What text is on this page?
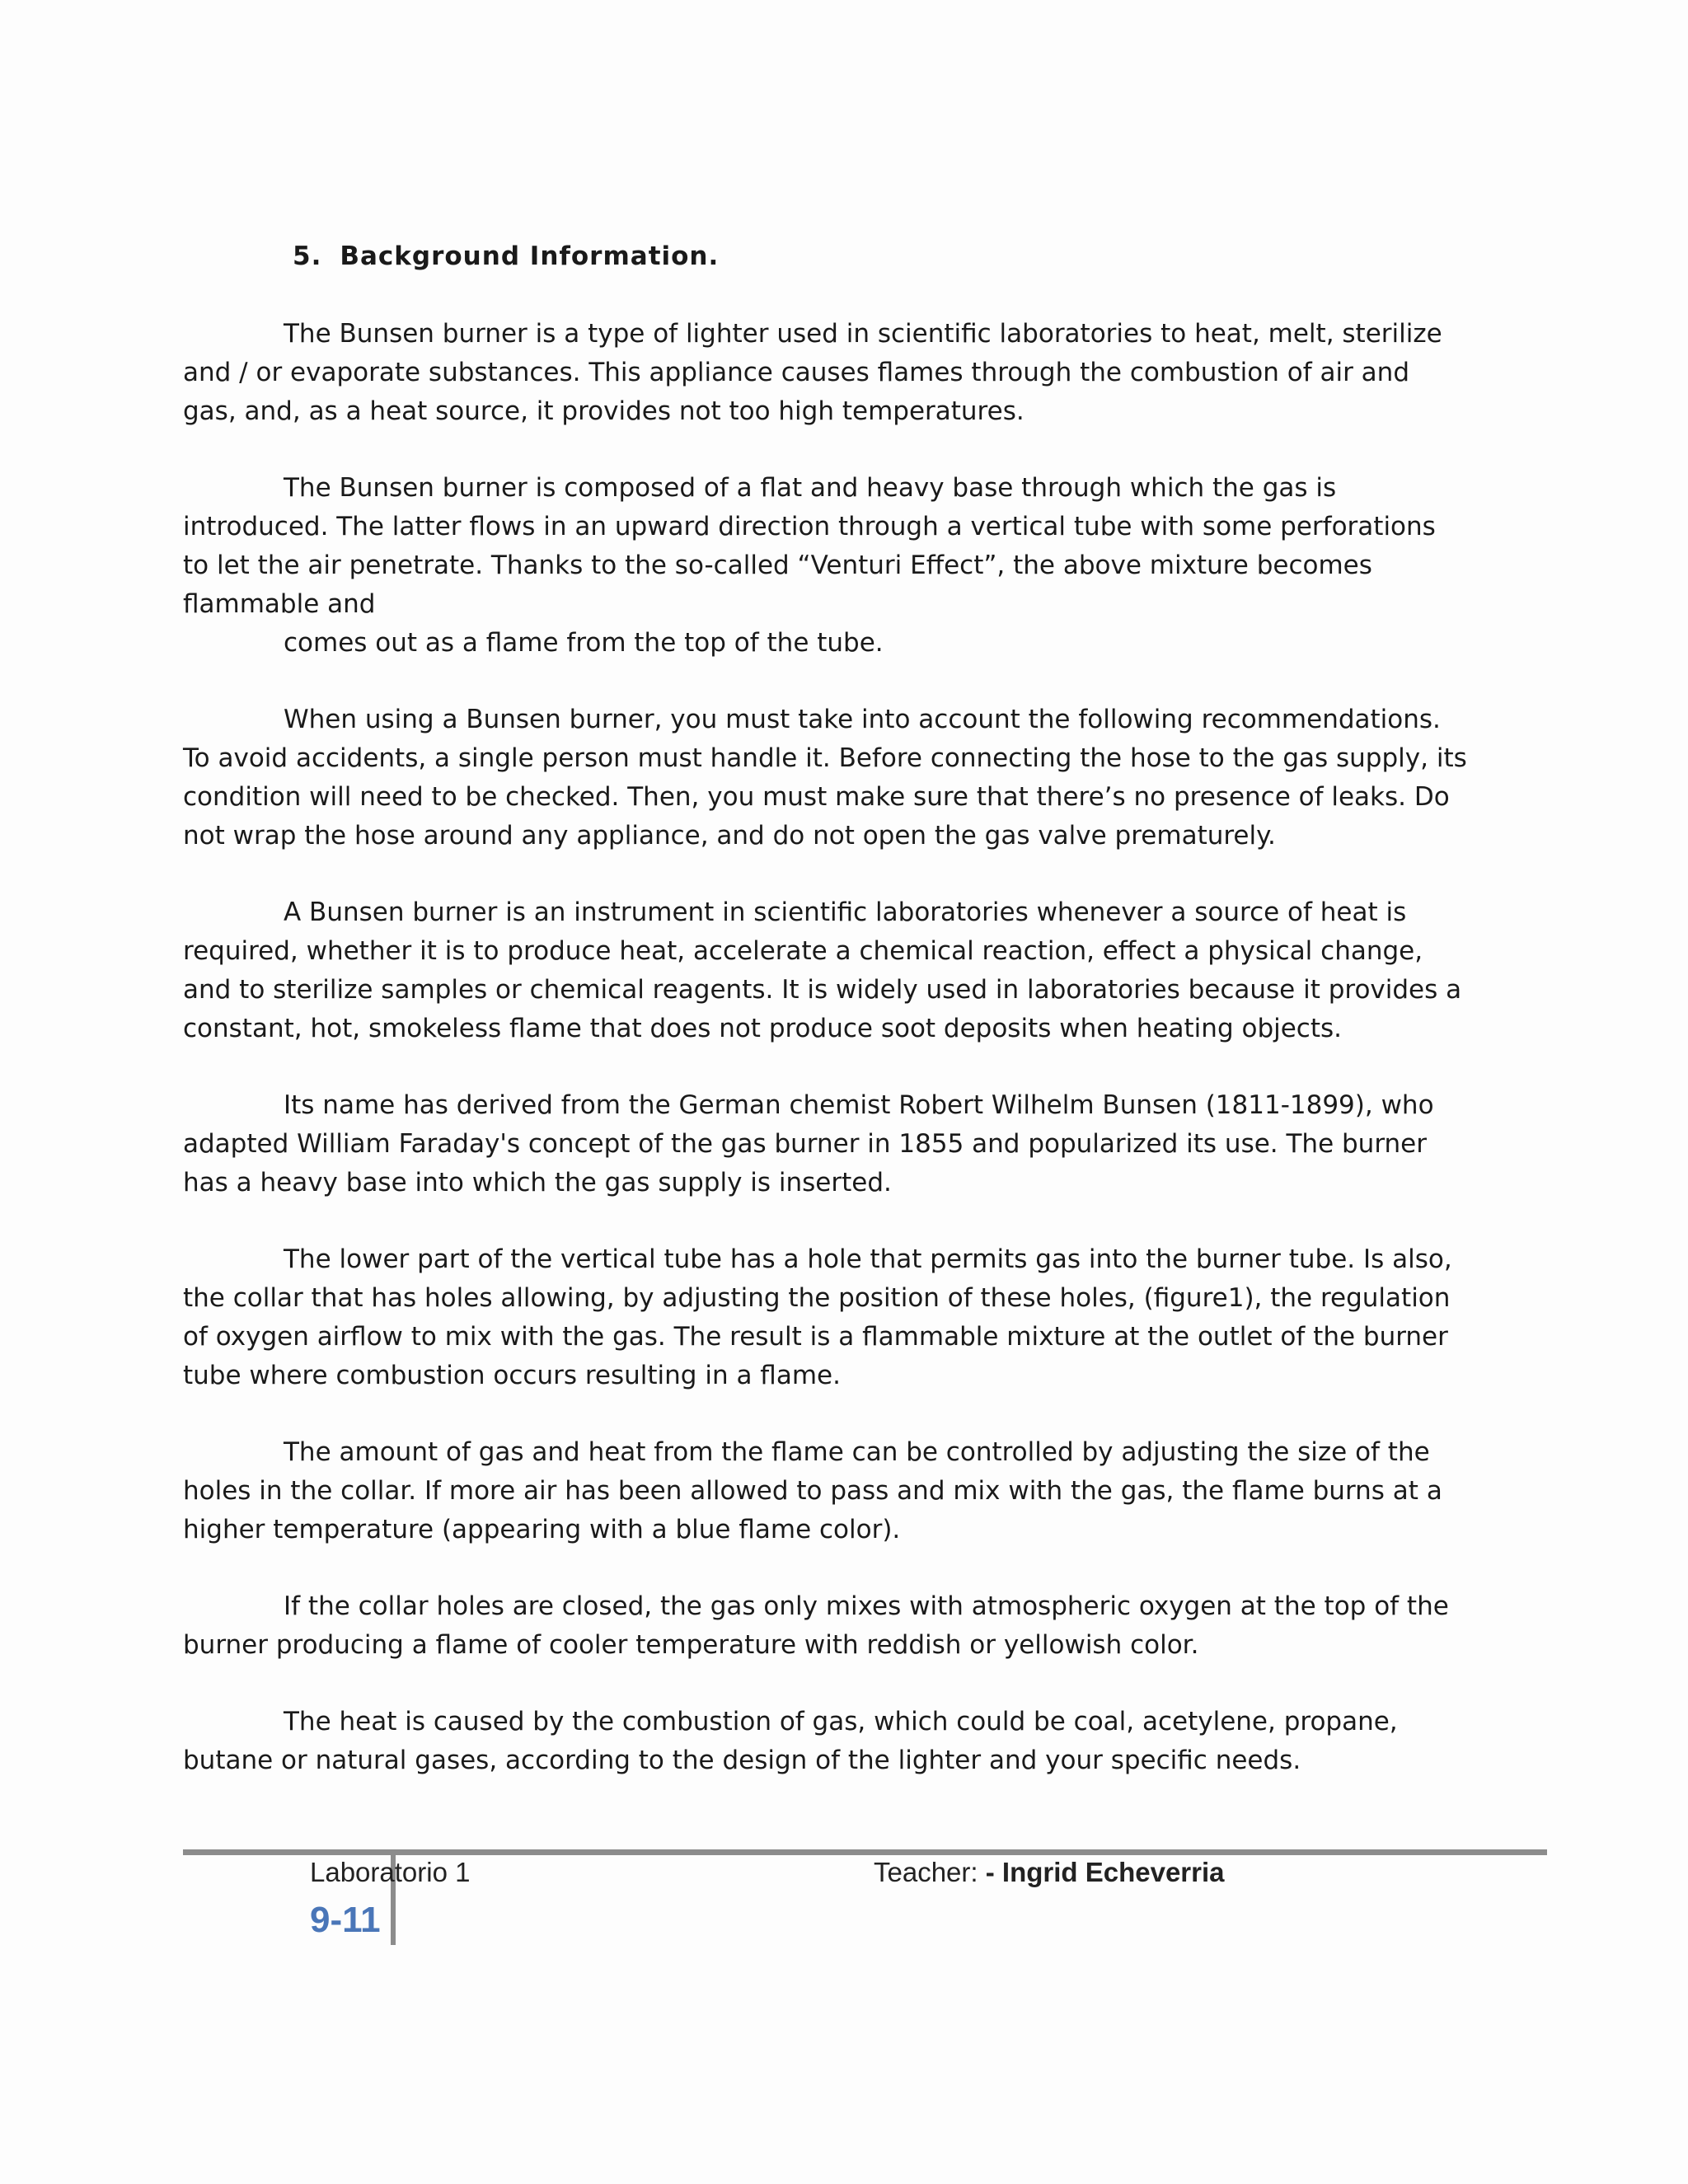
5. Background Information.

The Bunsen burner is a type of lighter used in scientific laboratories to heat, melt, sterilize and / or evaporate substances. This appliance causes flames through the combustion of air and gas, and, as a heat source, it provides not too high temperatures.

The Bunsen burner is composed of a flat and heavy base through which the gas is introduced. The latter flows in an upward direction through a vertical tube with some perforations to let the air penetrate. Thanks to the so-called “Venturi Effect”, the above mixture becomes flammable and
comes out as a flame from the top of the tube.

When using a Bunsen burner, you must take into account the following recommendations. To avoid accidents, a single person must handle it. Before connecting the hose to the gas supply, its condition will need to be checked. Then, you must make sure that there’s no presence of leaks. Do not wrap the hose around any appliance, and do not open the gas valve prematurely.

A Bunsen burner is an instrument in scientific laboratories whenever a source of heat is required, whether it is to produce heat, accelerate a chemical reaction, effect a physical change, and to sterilize samples or chemical reagents. It is widely used in laboratories because it provides a constant, hot, smokeless flame that does not produce soot deposits when heating objects.

Its name has derived from the German chemist Robert Wilhelm Bunsen (1811-1899), who adapted William Faraday's concept of the gas burner in 1855 and popularized its use. The burner has a heavy base into which the gas supply is inserted.

The lower part of the vertical tube has a hole that permits gas into the burner tube. Is also, the collar that has holes allowing, by adjusting the position of these holes, (figure1), the regulation of oxygen airflow to mix with the gas. The result is a flammable mixture at the outlet of the burner tube where combustion occurs resulting in a flame.

The amount of gas and heat from the flame can be controlled by adjusting the size of the holes in the collar. If more air has been allowed to pass and mix with the gas, the flame burns at a higher temperature (appearing with a blue flame color).

If the collar holes are closed, the gas only mixes with atmospheric oxygen at the top of the burner producing a flame of cooler temperature with reddish or yellowish color.

The heat is caused by the combustion of gas, which could be coal, acetylene, propane, butane or natural gases, according to the design of the lighter and your specific needs.

Laboratorio 1	Teacher: - Ingrid Echeverria
9-11
